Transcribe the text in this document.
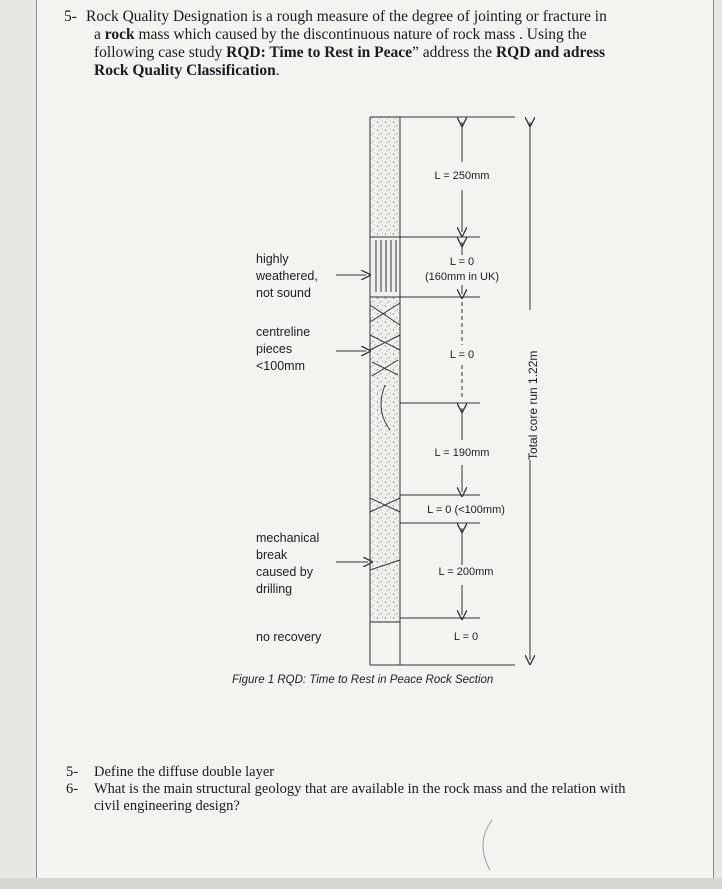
5- Rock Quality Designation is a rough measure of the degree of jointing or fracture in
a rock mass which caused by the discontinuous nature of rock mass . Using the
following case study RQD: Time to Rest in Peace” address the RQD and adress
Rock Quality Classification.
highly
weathered,
not sound
centreline
pieces
<100mm
mechanical
break
caused by
drilling
no recovery
L = 250mm
L = 0
(160mm in UK)
L = 0
L = 190mm
L = 0 (<100mm)
L = 200mm
L = 0
Total core run 1.22m
Figure 1 RQD: Time to Rest in Peace Rock Section
5-	Define the diffuse double layer
6-	What is the main structural geology that are available in the rock mass and the relation with
civil engineering design?
